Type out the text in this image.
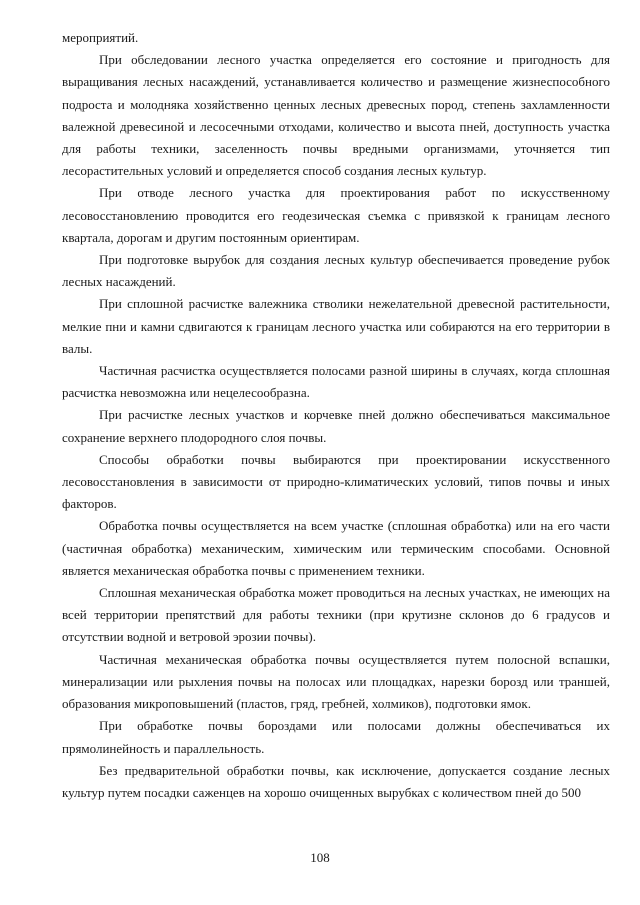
мероприятий.

При обследовании лесного участка определяется его состояние и пригодность для выращивания лесных насаждений, устанавливается количество и размещение жизнеспособного подроста и молодняка хозяйственно ценных лесных древесных пород, степень захламленности валежной древесиной и лесосечными отходами, количество и высота пней, доступность участка для работы техники, заселенность почвы вредными организмами, уточняется тип лесорастительных условий и определяется способ создания лесных культур.

При отводе лесного участка для проектирования работ по искусственному лесовосстановлению проводится его геодезическая съемка с привязкой к границам лесного квартала, дорогам и другим постоянным ориентирам.

При подготовке вырубок для создания лесных культур обеспечивается проведение рубок лесных насаждений.

При сплошной расчистке валежника стволики нежелательной древесной растительности, мелкие пни и камни сдвигаются к границам лесного участка или собираются на его территории в валы.

Частичная расчистка осуществляется полосами разной ширины в случаях, когда сплошная расчистка невозможна или нецелесообразна.

При расчистке лесных участков и корчевке пней должно обеспечиваться максимальное сохранение верхнего плодородного слоя почвы.

Способы обработки почвы выбираются при проектировании искусственного лесовосстановления в зависимости от природно-климатических условий, типов почвы и иных факторов.

Обработка почвы осуществляется на всем участке (сплошная обработка) или на его части (частичная обработка) механическим, химическим или термическим способами. Основной является механическая обработка почвы с применением техники.

Сплошная механическая обработка может проводиться на лесных участках, не имеющих на всей территории препятствий для работы техники (при крутизне склонов до 6 градусов и отсутствии водной и ветровой эрозии почвы).

Частичная механическая обработка почвы осуществляется путем полосной вспашки, минерализации или рыхления почвы на полосах или площадках, нарезки борозд или траншей, образования микроповышений (пластов, гряд, гребней, холмиков), подготовки ямок.

При обработке почвы бороздами или полосами должны обеспечиваться их прямолинейность и параллельность.

Без предварительной обработки почвы, как исключение, допускается создание лесных культур путем посадки саженцев на хорошо очищенных вырубках с количеством пней до 500

108
